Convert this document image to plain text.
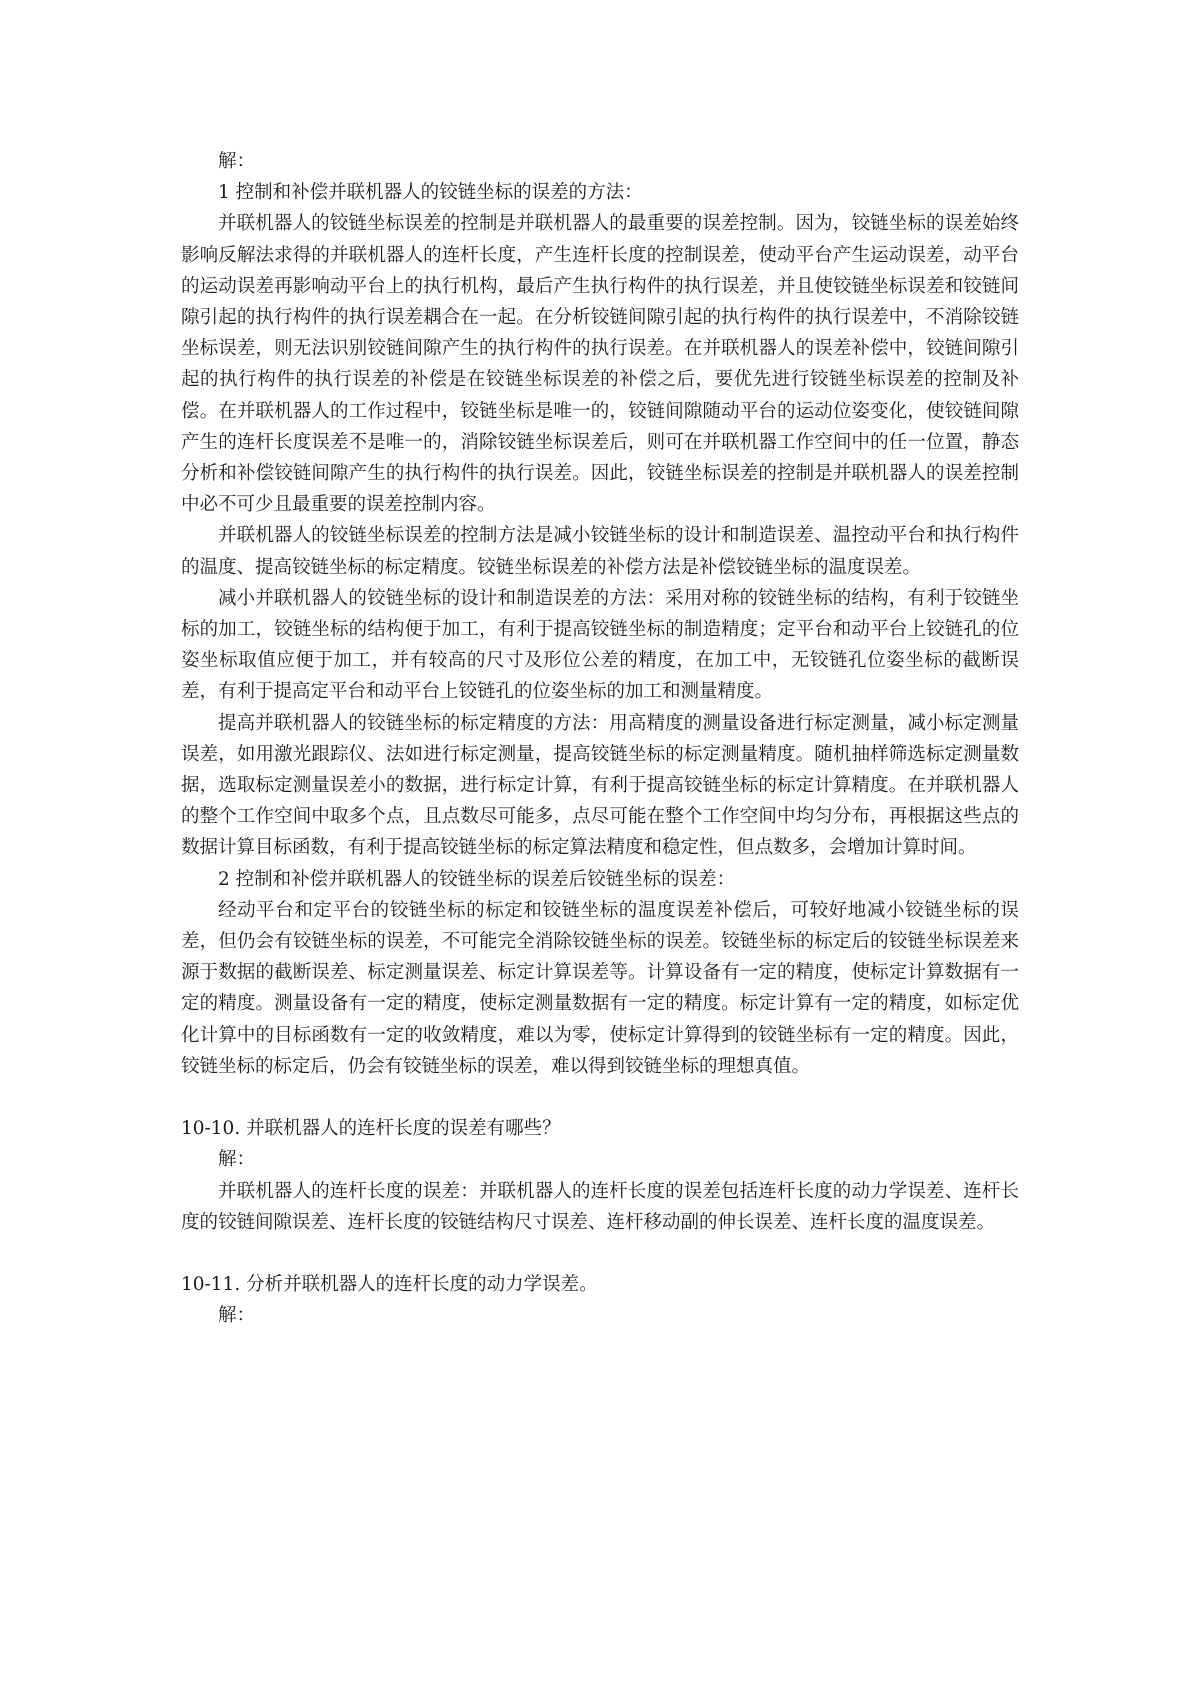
解：

1 控制和补偿并联机器人的铰链坐标的误差的方法：

并联机器人的铰链坐标误差的控制是并联机器人的最重要的误差控制。因为，铰链坐标的误差始终影响反解法求得的并联机器人的连杆长度，产生连杆长度的控制误差，使动平台产生运动误差，动平台的运动误差再影响动平台上的执行机构，最后产生执行构件的执行误差，并且使铰链坐标误差和铰链间隙引起的执行构件的执行误差耦合在一起。在分析铰链间隙引起的执行构件的执行误差中，不消除铰链坐标误差，则无法识别铰链间隙产生的执行构件的执行误差。在并联机器人的误差补偿中，铰链间隙引起的执行构件的执行误差的补偿是在铰链坐标误差的补偿之后，要优先进行铰链坐标误差的控制及补偿。在并联机器人的工作过程中，铰链坐标是唯一的，铰链间隙随动平台的运动位姿变化，使铰链间隙产生的连杆长度误差不是唯一的，消除铰链坐标误差后，则可在并联机器工作空间中的任一位置，静态分析和补偿铰链间隙产生的执行构件的执行误差。因此，铰链坐标误差的控制是并联机器人的误差控制中必不可少且最重要的误差控制内容。

并联机器人的铰链坐标误差的控制方法是减小铰链坐标的设计和制造误差、温控动平台和执行构件的温度、提高铰链坐标的标定精度。铰链坐标误差的补偿方法是补偿铰链坐标的温度误差。

减小并联机器人的铰链坐标的设计和制造误差的方法：采用对称的铰链坐标的结构，有利于铰链坐标的加工，铰链坐标的结构便于加工，有利于提高铰链坐标的制造精度；定平台和动平台上铰链孔的位姿坐标取值应便于加工，并有较高的尺寸及形位公差的精度，在加工中，无铰链孔位姿坐标的截断误差，有利于提高定平台和动平台上铰链孔的位姿坐标的加工和测量精度。

提高并联机器人的铰链坐标的标定精度的方法：用高精度的测量设备进行标定测量，减小标定测量误差，如用激光跟踪仪、法如进行标定测量，提高铰链坐标的标定测量精度。随机抽样筛选标定测量数据，选取标定测量误差小的数据，进行标定计算，有利于提高铰链坐标的标定计算精度。在并联机器人的整个工作空间中取多个点，且点数尽可能多，点尽可能在整个工作空间中均匀分布，再根据这些点的数据计算目标函数，有利于提高铰链坐标的标定算法精度和稳定性，但点数多，会增加计算时间。

2 控制和补偿并联机器人的铰链坐标的误差后铰链坐标的误差：

经动平台和定平台的铰链坐标的标定和铰链坐标的温度误差补偿后，可较好地减小铰链坐标的误差，但仍会有铰链坐标的误差，不可能完全消除铰链坐标的误差。铰链坐标的标定后的铰链坐标误差来源于数据的截断误差、标定测量误差、标定计算误差等。计算设备有一定的精度，使标定计算数据有一定的精度。测量设备有一定的精度，使标定测量数据有一定的精度。标定计算有一定的精度，如标定优化计算中的目标函数有一定的收敛精度，难以为零，使标定计算得到的铰链坐标有一定的精度。因此，铰链坐标的标定后，仍会有铰链坐标的误差，难以得到铰链坐标的理想真值。

10-10. 并联机器人的连杆长度的误差有哪些？

解：

并联机器人的连杆长度的误差：并联机器人的连杆长度的误差包括连杆长度的动力学误差、连杆长度的铰链间隙误差、连杆长度的铰链结构尺寸误差、连杆移动副的伸长误差、连杆长度的温度误差。

10-11. 分析并联机器人的连杆长度的动力学误差。

解：
